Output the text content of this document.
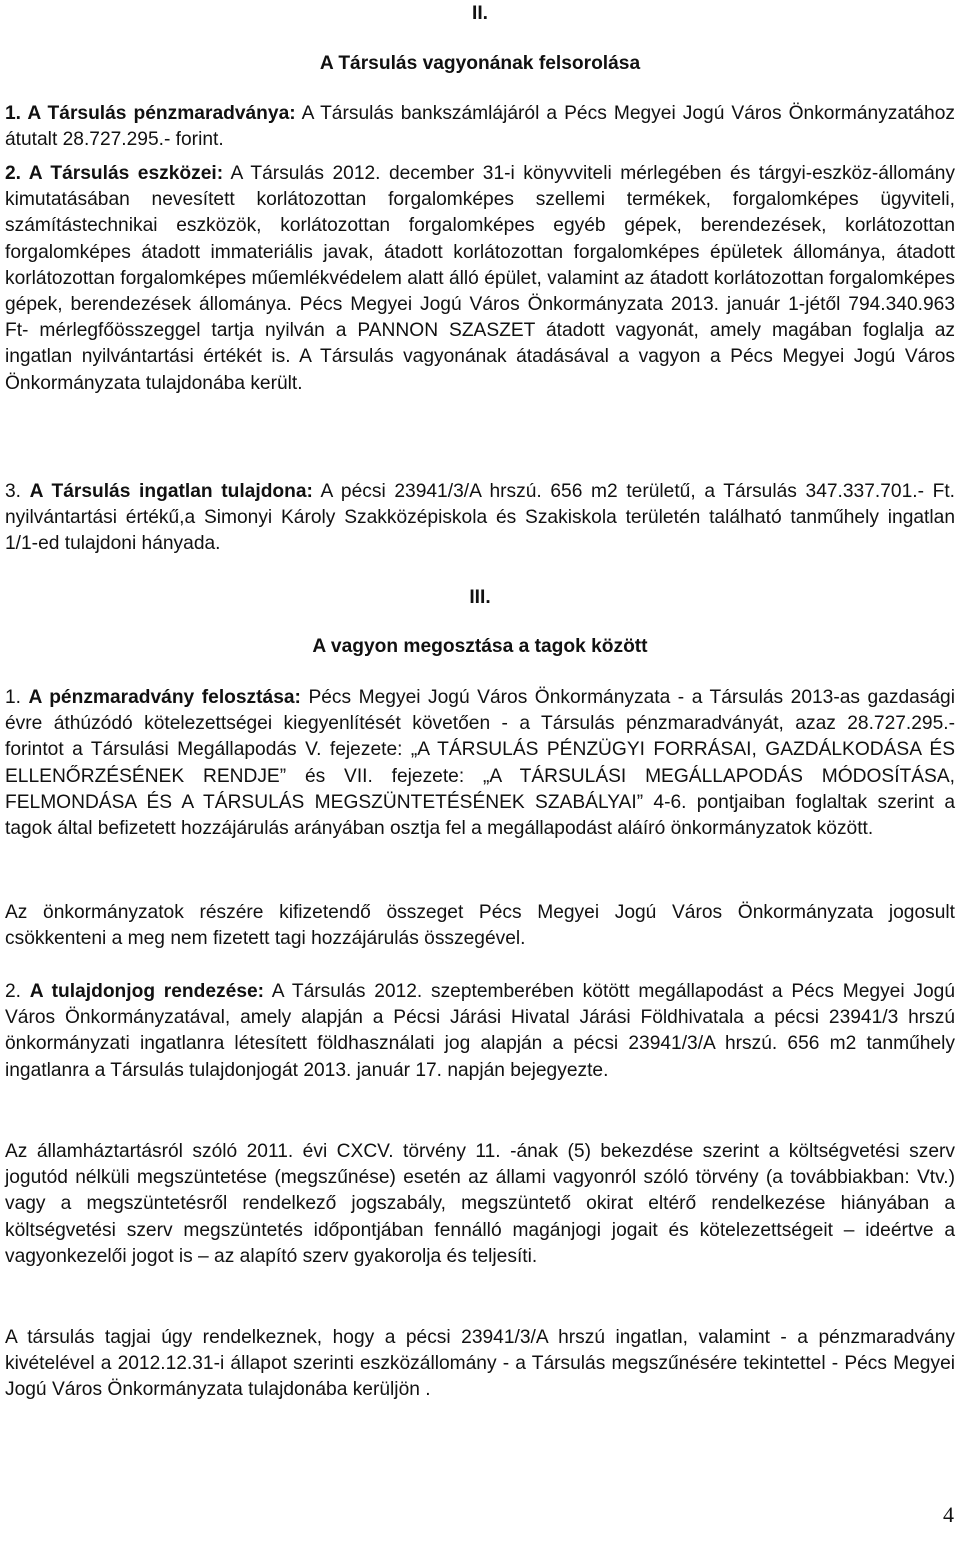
II.
A Társulás vagyonának felsorolása

1. A Társulás pénzmaradványa: A Társulás bankszámlájáról a Pécs Megyei Jogú Város Önkormányzatához átutalt 28.727.295.- forint.

2. A Társulás eszközei: A Társulás 2012. december 31-i könyvviteli mérlegében és tárgyi-eszköz-állomány kimutatásában nevesített korlátozottan forgalomképes szellemi termékek, forgalomképes ügyviteli, számítástechnikai eszközök, korlátozottan forgalomképes egyéb gépek, berendezések, korlátozottan forgalomképes átadott immateriális javak, átadott korlátozottan forgalomképes épületek állománya, átadott korlátozottan forgalomképes műemlékvédelem alatt álló épület, valamint az átadott korlátozottan forgalomképes gépek, berendezések állománya. Pécs Megyei Jogú Város Önkormányzata 2013. január 1-jétől 794.340.963 Ft- mérlegfőösszeggel tartja nyilván a PANNON SZASZET átadott vagyonát, amely magában foglalja az ingatlan nyilvántartási értékét is. A Társulás vagyonának átadásával a vagyon a Pécs Megyei Jogú Város Önkormányzata tulajdonába került.

3. A Társulás ingatlan tulajdona: A pécsi 23941/3/A hrszú. 656 m2 területű, a Társulás 347.337.701.- Ft. nyilvántartási értékű,a Simonyi Károly Szakközépiskola és Szakiskola területén található tanműhely ingatlan 1/1-ed tulajdoni hányada.

III.
A vagyon megosztása a tagok között

1. A pénzmaradvány felosztása: Pécs Megyei Jogú Város Önkormányzata - a Társulás 2013-as gazdasági évre áthúzódó kötelezettségei kiegyenlítését követően - a Társulás pénzmaradványát, azaz 28.727.295.- forintot a Társulási Megállapodás V. fejezete: „A TÁRSULÁS PÉNZÜGYI FORRÁSAI, GAZDÁLKODÁSA ÉS ELLENŐRZÉSÉNEK RENDJE” és VII. fejezete: „A TÁRSULÁSI MEGÁLLAPODÁS MÓDOSÍTÁSA, FELMONDÁSA ÉS A TÁRSULÁS MEGSZÜNTETÉSÉNEK SZABÁLYAI” 4-6. pontjaiban foglaltak szerint a tagok által befizetett hozzájárulás arányában osztja fel a megállapodást aláíró önkormányzatok között.

Az önkormányzatok részére kifizetendő összeget Pécs Megyei Jogú Város Önkormányzata jogosult csökkenteni a meg nem fizetett tagi hozzájárulás összegével.

2. A tulajdonjog rendezése: A Társulás 2012. szeptemberében kötött megállapodást a Pécs Megyei Jogú Város Önkormányzatával, amely alapján a Pécsi Járási Hivatal Járási Földhivatala a pécsi 23941/3 hrszú önkormányzati ingatlanra létesített földhasználati jog alapján a pécsi 23941/3/A hrszú. 656 m2 tanműhely ingatlanra a Társulás tulajdonjogát 2013. január 17. napján bejegyezte.

Az államháztartásról szóló 2011. évi CXCV. törvény 11. -ának (5) bekezdése szerint a költségvetési szerv jogutód nélküli megszüntetése (megszűnése) esetén az állami vagyonról szóló törvény (a továbbiakban: Vtv.) vagy a megszüntetésről rendelkező jogszabály, megszüntető okirat eltérő rendelkezése hiányában a költségvetési szerv megszüntetés időpontjában fennálló magánjogi jogait és kötelezettségeit – ideértve a vagyonkezelői jogot is – az alapító szerv gyakorolja és teljesíti.

A társulás tagjai úgy rendelkeznek, hogy a pécsi 23941/3/A hrszú ingatlan, valamint - a pénzmaradvány kivételével a 2012.12.31-i állapot szerinti eszközállomány - a Társulás megszűnésére tekintettel - Pécs Megyei Jogú Város Önkormányzata tulajdonába kerüljön .

4
